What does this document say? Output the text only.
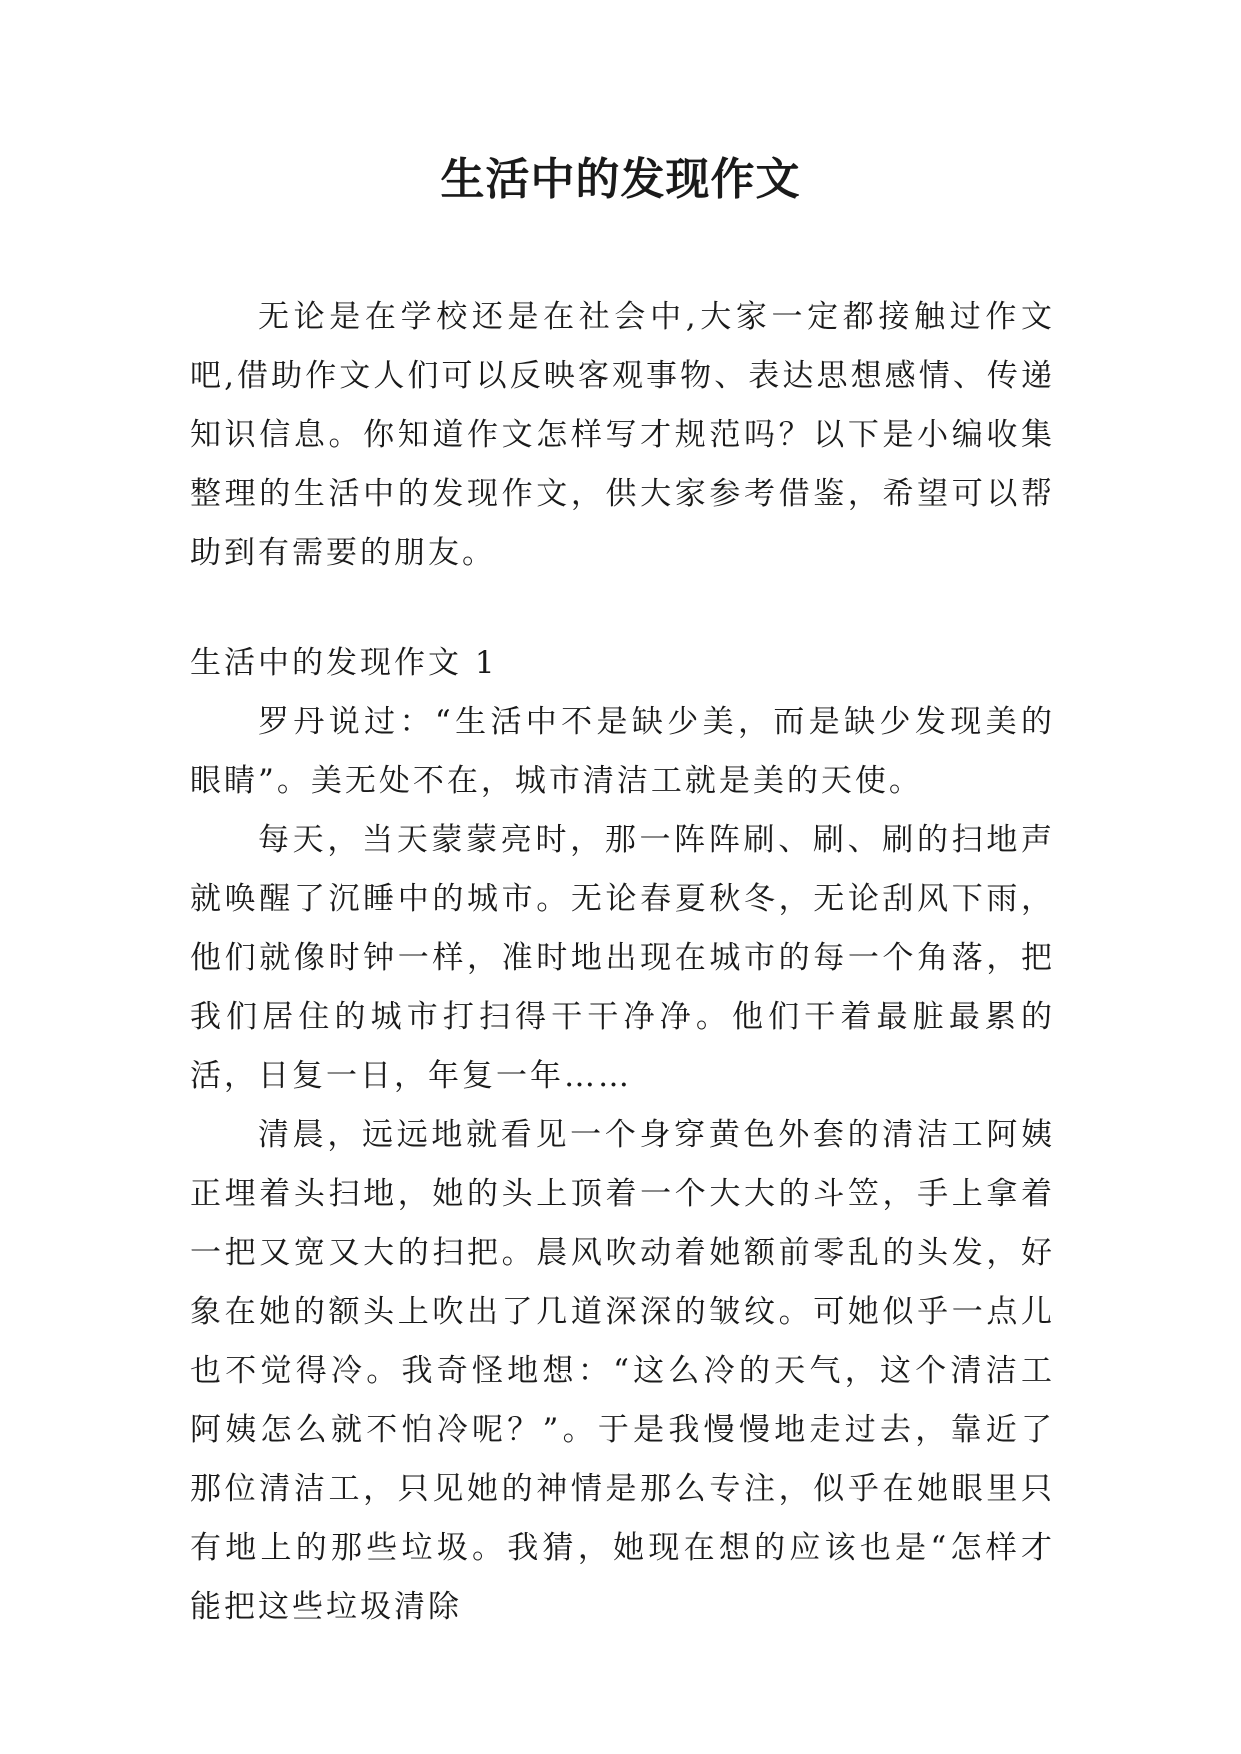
生活中的发现作文

无论是在学校还是在社会中,大家一定都接触过作文吧,借助作文人们可以反映客观事物、表达思想感情、传递知识信息。你知道作文怎样写才规范吗？以下是小编收集整理的生活中的发现作文，供大家参考借鉴，希望可以帮助到有需要的朋友。

生活中的发现作文 1

罗丹说过：“生活中不是缺少美，而是缺少发现美的眼睛”。美无处不在，城市清洁工就是美的天使。

每天，当天蒙蒙亮时，那一阵阵刷、刷、刷的扫地声就唤醒了沉睡中的城市。无论春夏秋冬，无论刮风下雨，他们就像时钟一样，准时地出现在城市的每一个角落，把我们居住的城市打扫得干干净净。他们干着最脏最累的活，日复一日，年复一年……

清晨，远远地就看见一个身穿黄色外套的清洁工阿姨正埋着头扫地，她的头上顶着一个大大的斗笠，手上拿着一把又宽又大的扫把。晨风吹动着她额前零乱的头发，好象在她的额头上吹出了几道深深的皱纹。可她似乎一点儿也不觉得冷。我奇怪地想：“这么冷的天气，这个清洁工阿姨怎么就不怕冷呢？”。于是我慢慢地走过去，靠近了那位清洁工，只见她的神情是那么专注，似乎在她眼里只有地上的那些垃圾。我猜，她现在想的应该也是“怎样才能把这些垃圾清除
